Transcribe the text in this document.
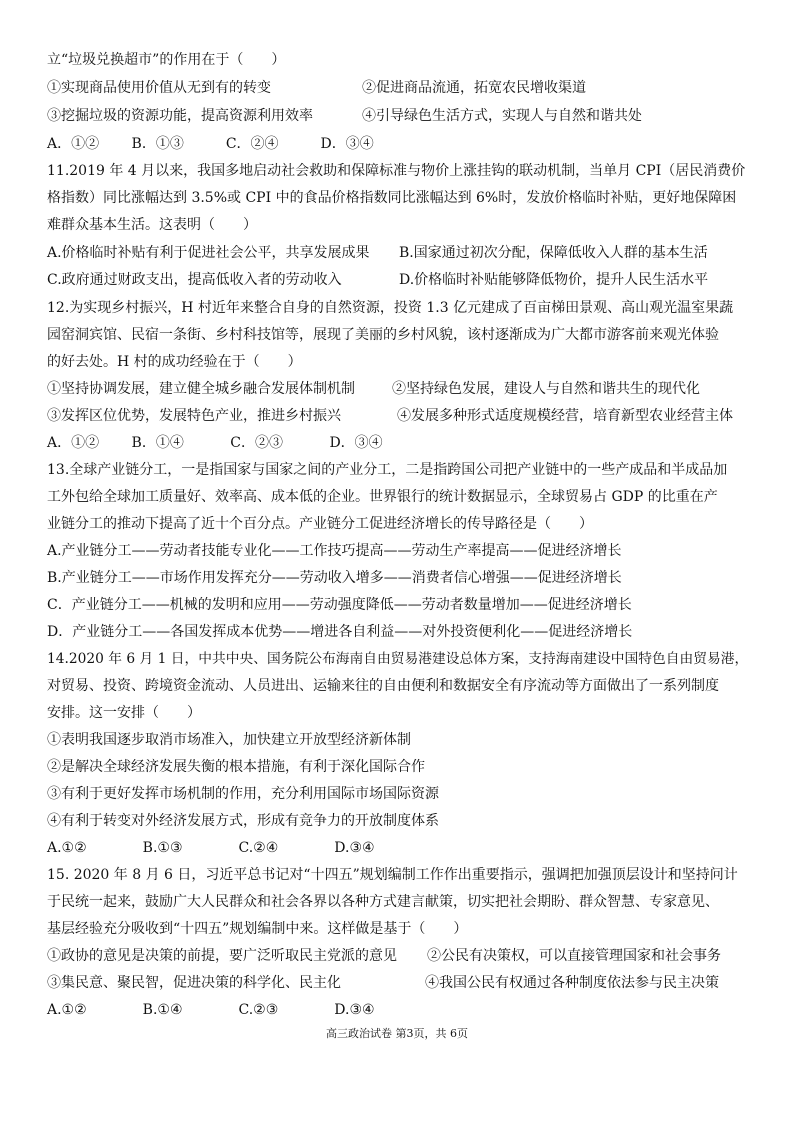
立“垃圾兑换超市”的作用在于（　　）
①实现商品使用价值从无到有的转变	②促进商品流通，拓宽农民增收渠道
③挖掘垃圾的资源功能，提高资源利用效率	④引导绿色生活方式，实现人与自然和谐共处
A．①②　　 B．①③　　　C．②④　　　D．③④
11.2019 年 4 月以来，我国多地启动社会救助和保障标准与物价上涨挂钩的联动机制，当单月 CPI（居民消费价
格指数）同比涨幅达到 3.5%或 CPI 中的食品价格指数同比涨幅达到 6%时，发放价格临时补贴，更好地保障困
难群众基本生活。这表明（　　）
A.价格临时补贴有利于促进社会公平，共享发展成果 B.国家通过初次分配，保障低收入人群的基本生活
C.政府通过财政支出，提高低收入者的劳动收入	D.价格临时补贴能够降低物价，提升人民生活水平
12.为实现乡村振兴，H 村近年来整合自身的自然资源，投资 1.3 亿元建成了百亩梯田景观、高山观光温室果蔬
园窑洞宾馆、民宿一条街、乡村科技馆等，展现了美丽的乡村风貌，该村逐渐成为广大都市游客前来观光体验
的好去处。H 村的成功经验在于（　　）
①坚持协调发展，建立健全城乡融合发展体制机制	②坚持绿色发展，建设人与自然和谐共生的现代化
③发挥区位优势，发展特色产业，推进乡村振兴	④发展多种形式适度规模经营，培育新型农业经营主体
A．①②　　 B．①④　　　 C．②③　　　 D．③④
13.全球产业链分工，一是指国家与国家之间的产业分工，二是指跨国公司把产业链中的一些产成品和半成品加
工外包给全球加工质量好、效率高、成本低的企业。世界银行的统计数据显示，全球贸易占 GDP 的比重在产
业链分工的推动下提高了近十个百分点。产业链分工促进经济增长的传导路径是（　　）
A.产业链分工——劳动者技能专业化——工作技巧提高——劳动生产率提高——促进经济增长
B.产业链分工——市场作用发挥充分——劳动收入增多——消费者信心增强——促进经济增长
C．产业链分工——机械的发明和应用——劳动强度降低——劳动者数量增加——促进经济增长
D．产业链分工——各国发挥成本优势——增进各自利益——对外投资便利化——促进经济增长
14.2020 年 6 月 1 日，中共中央、国务院公布海南自由贸易港建设总体方案，支持海南建设中国特色自由贸易港，
对贸易、投资、跨境资金流动、人员进出、运输来往的自由便利和数据安全有序流动等方面做出了一系列制度
安排。这一安排（　　）
①表明我国逐步取消市场准入，加快建立开放型经济新体制
②是解决全球经济发展失衡的根本措施，有利于深化国际合作
③有利于更好发挥市场机制的作用，充分利用国际市场国际资源
④有利于转变对外经济发展方式，形成有竞争力的开放制度体系
A.①②　　　　B.①③　　　　C.②④　　　　D.③④
15. 2020 年 8 月 6 日，习近平总书记对“十四五”规划编制工作作出重要指示，强调把加强顶层设计和坚持问计
于民统一起来，鼓励广大人民群众和社会各界以各种方式建言献策，切实把社会期盼、群众智慧、专家意见、
基层经验充分吸收到“十四五”规划编制中来。这样做是基于（　　）
①政协的意见是决策的前提，要广泛听取民主党派的意见 ②公民有决策权，可以直接管理国家和社会事务
③集民意、聚民智，促进决策的科学化、民主化	④我国公民有权通过各种制度依法参与民主决策
A.①②　　　　B.①④　　　　C.②③　　　　D.③④
高三政治试卷 第3页，共 6页
